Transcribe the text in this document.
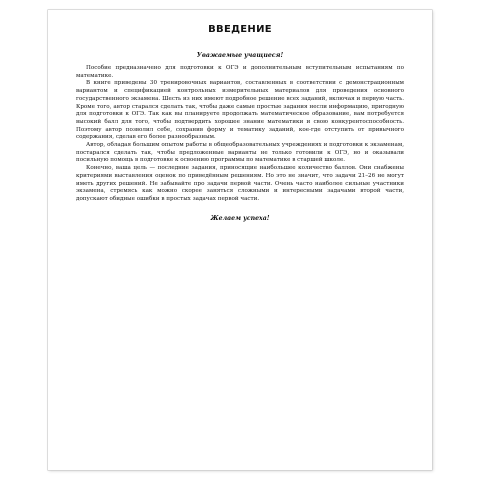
ВВЕДЕНИЕ
Уважаемые учащиеся!

Пособие предназначено для подготовки к ОГЭ и дополнительным вступительным испытаниям по математике.

В книге приведены 30 тренировочных вариантов, составленных в соответствии с демонстрационным вариантом и спецификацией контрольных измерительных материалов для проведения основного государственного экзамена. Шесть из них имеют подробное решение всех заданий, включая и первую часть. Кроме того, автор старался сделать так, чтобы даже самые простые задания несли информацию, пригодную для подготовки к ОГЭ. Так как вы планируете продолжать математическое образование, вам потребуется высокий балл для того, чтобы подтвердить хорошее знание математики и свою конкурентоспособность. Поэтому автор позволил себе, сохранив форму и тематику заданий, кое-где отступить от привычного содержания, сделав его более разнообразным.

Автор, обладая большим опытом работы в общеобразовательных учреждениях и подготовки к экзаменам, постарался сделать так, чтобы предложенные варианты не только готовили к ОГЭ, но и оказывали посильную помощь в подготовке к освоению программы по математике в старшей школе.

Конечно, ваша цель — последние задания, приносящие наибольшее количество баллов. Они снабжены критериями выставления оценок по приведённым решениям. Но это не значит, что задачи 21–26 не могут иметь других решений. Не забывайте про задачи первой части. Очень часто наиболее сильные участники экзамена, стремясь как можно скорее заняться сложными и интересными задачами второй части, допускают обидные ошибки в простых задачах первой части.

Желаем успеха!
